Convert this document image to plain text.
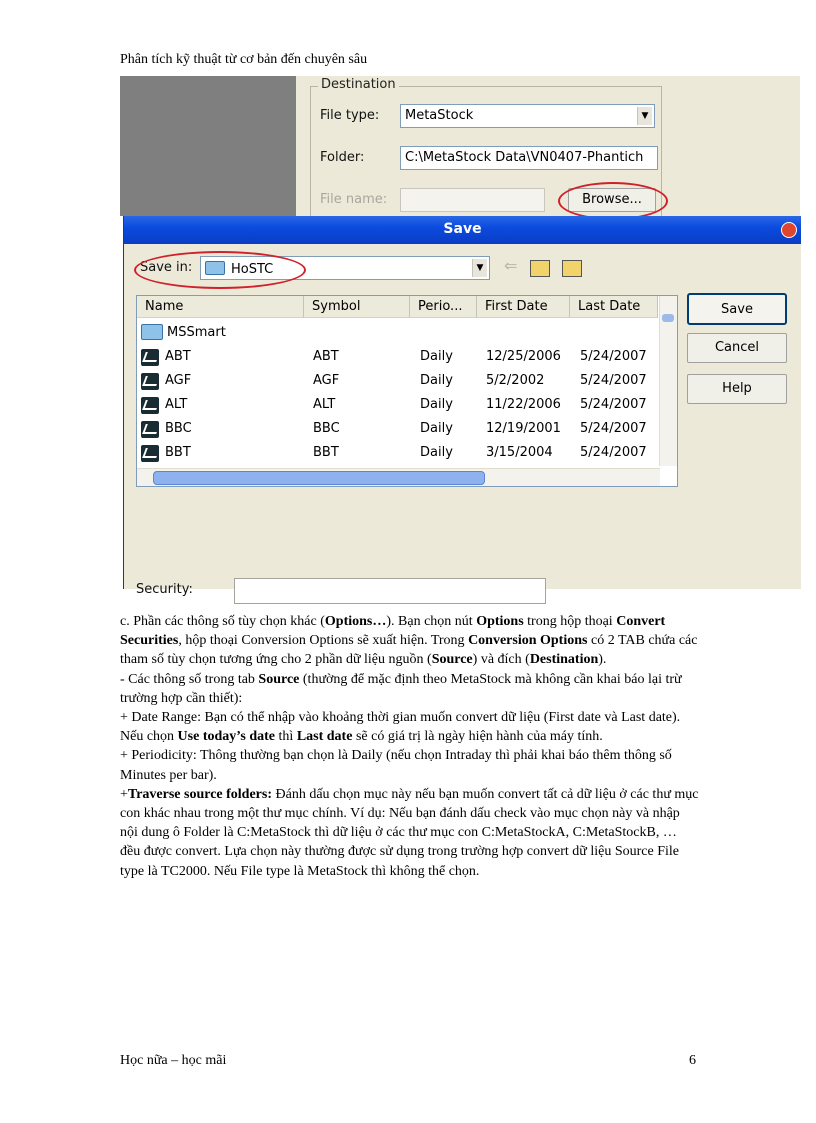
Phân tích kỹ thuật từ cơ bản đến chuyên sâu
Destination
File type:	MetaStock	▼
Folder:	C:\MetaStock Data\VN0407-Phantich
File name:	Browse...
Save
Save in:	HoSTC	▼ ⇐
Name	Symbol	Perio...	First Date	Last Date
MSSmart
ABT	ABT	Daily	12/25/2006 5/24/2007
AGF	AGF	Daily	5/2/2002	5/24/2007
ALT	ALT	Daily	11/22/2006 5/24/2007
BBC	BBC	Daily	12/19/2001 5/24/2007
BBT	BBT	Daily	3/15/2004 5/24/2007
Save
Cancel
Help
Security:

c. Phần các thông số tùy chọn khác (Options…). Bạn chọn nút Options trong hộp thoại Convert Securities, hộp thoại Conversion Options sẽ xuất hiện. Trong Conversion Options có 2 TAB chứa các tham số tùy chọn tương ứng cho 2 phần dữ liệu nguồn (Source) và đích (Destination).

- Các thông số trong tab Source (thường để mặc định theo MetaStock mà không cần khai báo lại trừ trường hợp cần thiết):

+ Date Range: Bạn có thể nhập vào khoảng thời gian muốn convert dữ liệu (First date và Last date). Nếu chọn Use today’s date thì Last date sẽ có giá trị là ngày hiện hành của máy tính.

+ Periodicity: Thông thường bạn chọn là Daily (nếu chọn Intraday thì phải khai báo thêm thông số Minutes per bar).

+Traverse source folders: Đánh dấu chọn mục này nếu bạn muốn convert tất cả dữ liệu ở các thư mục con khác nhau trong một thư mục chính. Ví dụ: Nếu bạn đánh dấu check vào mục chọn này và nhập nội dung ô Folder là C:MetaStock thì dữ liệu ở các thư mục con C:MetaStockA, C:MetaStockB, … đều được convert. Lựa chọn này thường được sử dụng trong trường hợp convert dữ liệu Source File type là TC2000. Nếu File type là MetaStock thì không thể chọn.

Học nữa – học mãi	6
